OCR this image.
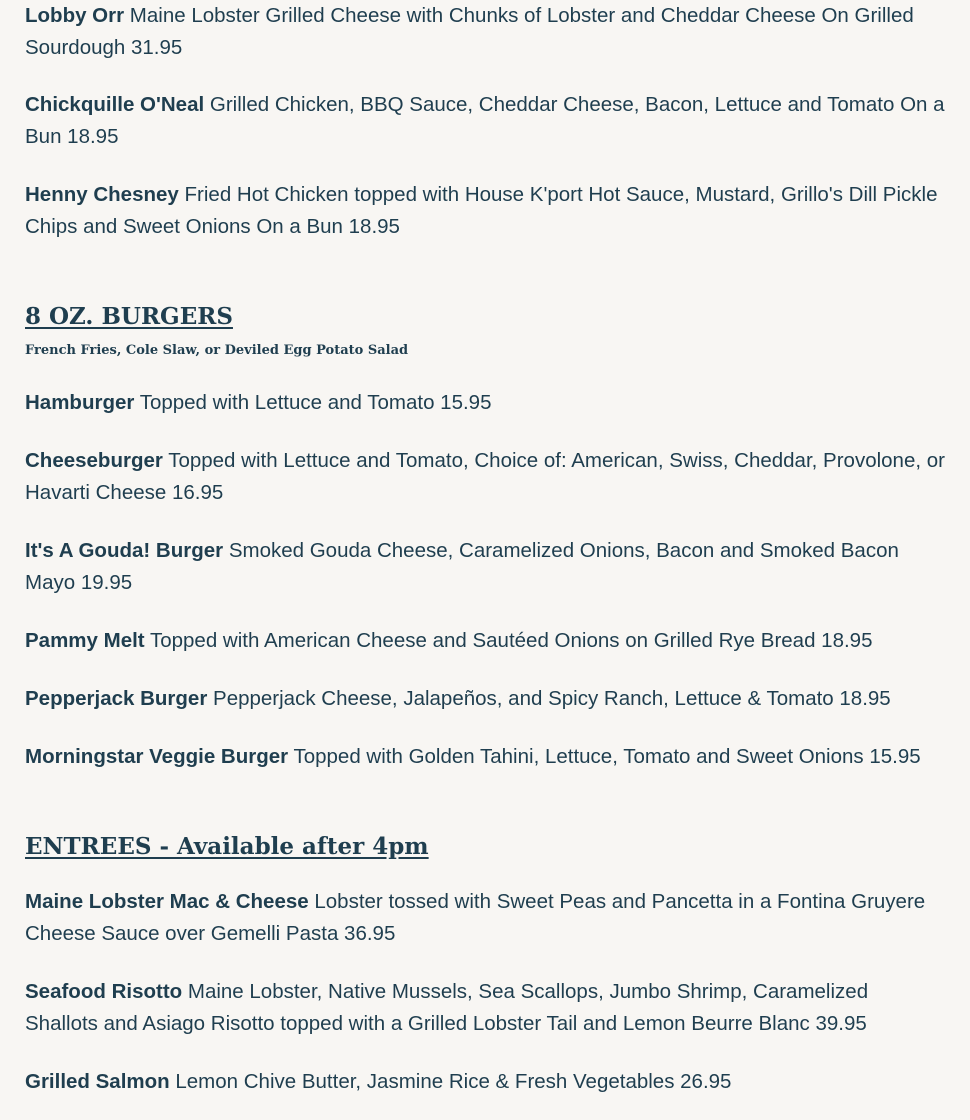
Lobby Orr Maine Lobster Grilled Cheese with Chunks of Lobster and Cheddar Cheese On Grilled Sourdough 31.95

Chickquille O'Neal Grilled Chicken, BBQ Sauce, Cheddar Cheese, Bacon, Lettuce and Tomato On a Bun 18.95

Henny Chesney Fried Hot Chicken topped with House K'port Hot Sauce, Mustard, Grillo's Dill Pickle Chips and Sweet Onions On a Bun 18.95

8 OZ. BURGERS

French Fries, Cole Slaw, or Deviled Egg Potato Salad

Hamburger Topped with Lettuce and Tomato 15.95

Cheeseburger Topped with Lettuce and Tomato, Choice of: American, Swiss, Cheddar, Provolone, or Havarti Cheese 16.95

It's A Gouda! Burger Smoked Gouda Cheese, Caramelized Onions, Bacon and Smoked Bacon Mayo 19.95

Pammy Melt Topped with American Cheese and Sautéed Onions on Grilled Rye Bread 18.95

Pepperjack Burger Pepperjack Cheese, Jalapeños, and Spicy Ranch, Lettuce & Tomato 18.95

Morningstar Veggie Burger Topped with Golden Tahini, Lettuce, Tomato and Sweet Onions 15.95

ENTREES - Available after 4pm

Maine Lobster Mac & Cheese Lobster tossed with Sweet Peas and Pancetta in a Fontina Gruyere Cheese Sauce over Gemelli Pasta 36.95

Seafood Risotto Maine Lobster, Native Mussels, Sea Scallops, Jumbo Shrimp, Caramelized Shallots and Asiago Risotto topped with a Grilled Lobster Tail and Lemon Beurre Blanc 39.95

Grilled Salmon Lemon Chive Butter, Jasmine Rice & Fresh Vegetables 26.95
